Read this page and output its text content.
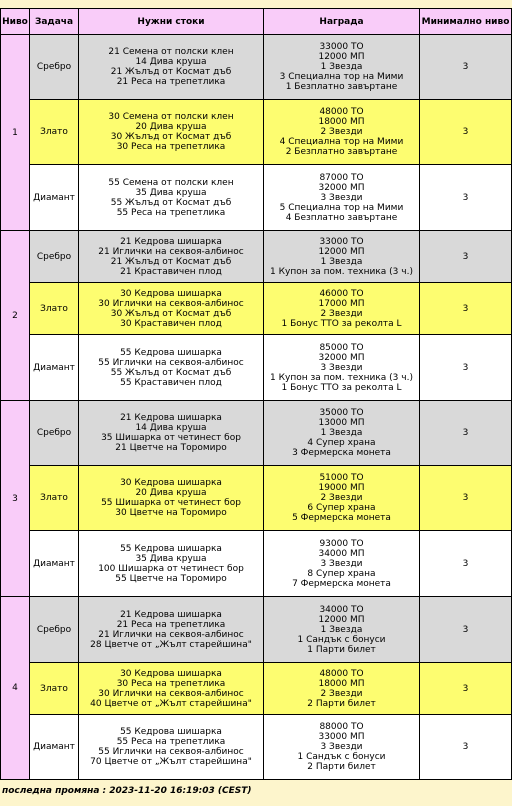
Ниво	Задача	Нужни стоки	Награда	Минимално ниво
1	Сребро	21 Семена от полски клен
14 Дива круша
21 Жълъд от Космат дъб
21 Реса на трепетлика	33000 ТО
12000 МП
1 Звезда
3 Специална тор на Мими
1 Безплатно завъртане	3
	Злато	30 Семена от полски клен
20 Дива круша
30 Жълъд от Космат дъб
30 Реса на трепетлика	48000 ТО
18000 МП
2 Звезди
4 Специална тор на Мими
2 Безплатно завъртане	3
	Диамант	55 Семена от полски клен
35 Дива круша
55 Жълъд от Космат дъб
55 Реса на трепетлика	87000 ТО
32000 МП
3 Звезди
5 Специална тор на Мими
4 Безплатно завъртане	3
2	Сребро	21 Кедрова шишарка
21 Иглички на секвоя-албинос
21 Жълъд от Космат дъб
21 Краставичен плод	33000 ТО
12000 МП
1 Звезда
1 Купон за пом. техника (3 ч.)	3
	Злато	30 Кедрова шишарка
30 Иглички на секвоя-албинос
30 Жълъд от Космат дъб
30 Краставичен плод	46000 ТО
17000 МП
2 Звезди
1 Бонус ТТО за реколта L	3
	Диамант	55 Кедрова шишарка
55 Иглички на секвоя-албинос
55 Жълъд от Космат дъб
55 Краставичен плод	85000 ТО
32000 МП
3 Звезди
1 Купон за пом. техника (3 ч.)
1 Бонус ТТО за реколта L	3
3	Сребро	21 Кедрова шишарка
14 Дива круша
35 Шишарка от четинест бор
21 Цветче на Торомиро	35000 ТО
13000 МП
1 Звезда
4 Супер храна
3 Фермерска монета	3
	Злато	30 Кедрова шишарка
20 Дива круша
55 Шишарка от четинест бор
30 Цветче на Торомиро	51000 ТО
19000 МП
2 Звезди
6 Супер храна
5 Фермерска монета	3
	Диамант	55 Кедрова шишарка
35 Дива круша
100 Шишарка от четинест бор
55 Цветче на Торомиро	93000 ТО
34000 МП
3 Звезди
8 Супер храна
7 Фермерска монета	3
4	Сребро	21 Кедрова шишарка
21 Реса на трепетлика
21 Иглички на секвоя-албинос
28 Цветче от „Жълт старейшина"	34000 ТО
12000 МП
1 Звезда
1 Сандък с бонуси
1 Парти билет	3
	Злато	30 Кедрова шишарка
30 Реса на трепетлика
30 Иглички на секвоя-албинос
40 Цветче от „Жълт старейшина"	48000 ТО
18000 МП
2 Звезди
2 Парти билет	3
	Диамант	55 Кедрова шишарка
55 Реса на трепетлика
55 Иглички на секвоя-албинос
70 Цветче от „Жълт старейшина"	88000 ТО
33000 МП
3 Звезди
1 Сандък с бонуси
2 Парти билет	3
последна промяна : 2023-11-20 16:19:03 (CEST)
